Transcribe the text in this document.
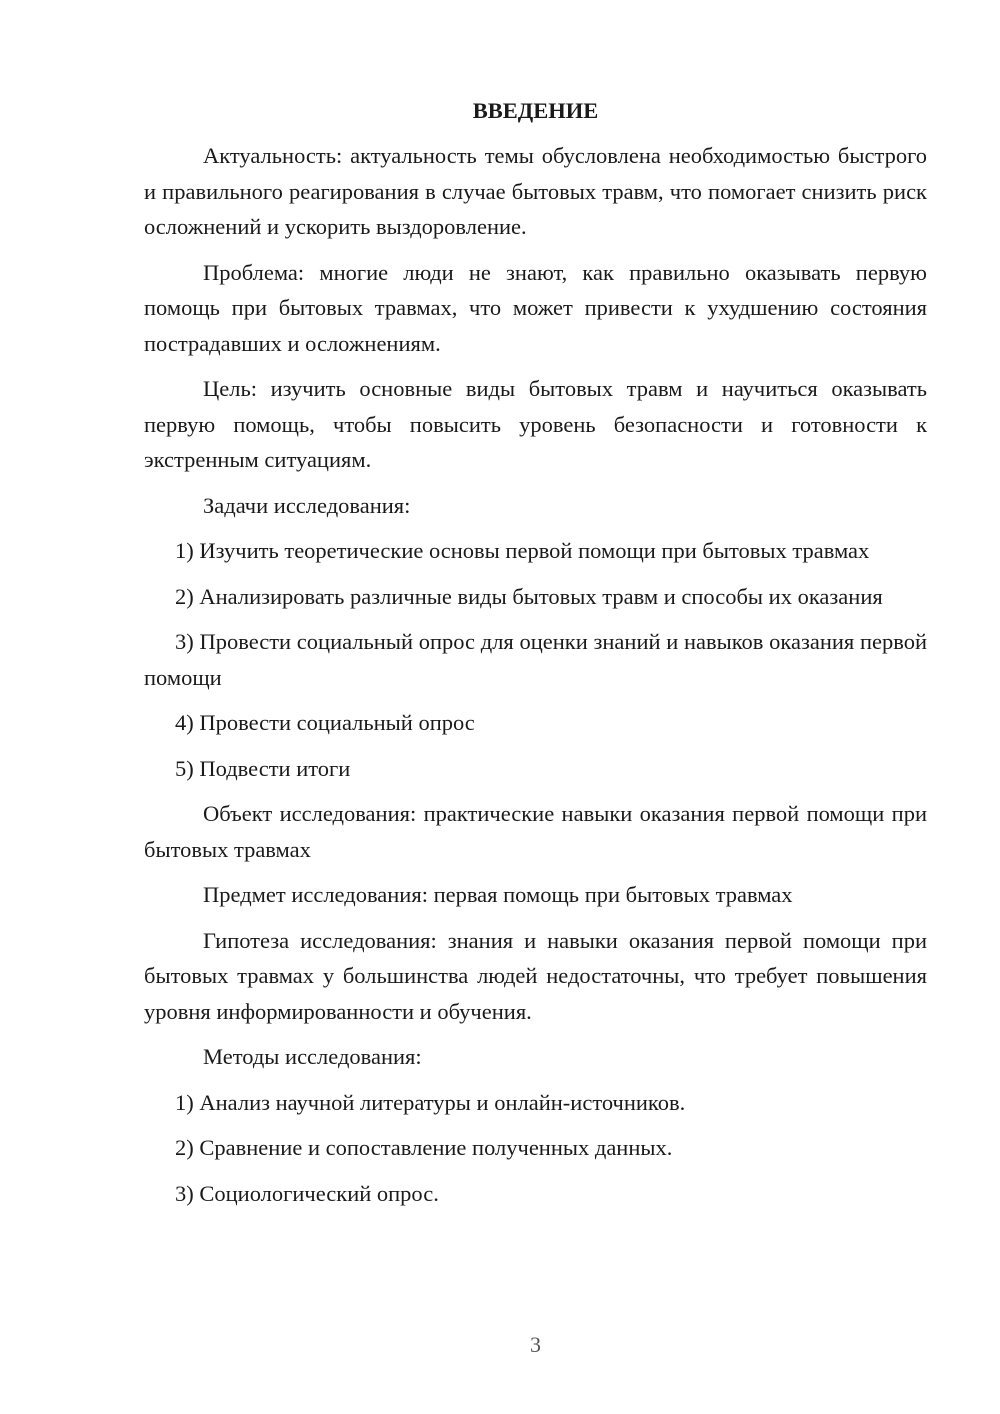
ВВЕДЕНИЕ

Актуальность: актуальность темы обусловлена необходимостью быстрого и правильного реагирования в случае бытовых травм, что помогает снизить риск осложнений и ускорить выздоровление.

Проблема: многие люди не знают, как правильно оказывать первую помощь при бытовых травмах, что может привести к ухудшению состояния пострадавших и осложнениям.

Цель: изучить основные виды бытовых травм и научиться оказывать первую помощь, чтобы повысить уровень безопасности и готовности к экстренным ситуациям.

Задачи исследования:

1) Изучить теоретические основы первой помощи при бытовых травмах

2) Анализировать различные виды бытовых травм и способы их оказания

3) Провести социальный опрос для оценки знаний и навыков оказания первой помощи

4) Провести социальный опрос

5) Подвести итоги

Объект исследования: практические навыки оказания первой помощи при бытовых травмах

Предмет исследования: первая помощь при бытовых травмах

Гипотеза исследования: знания и навыки оказания первой помощи при бытовых травмах у большинства людей недостаточны, что требует повышения уровня информированности и обучения.

Методы исследования:

1) Анализ научной литературы и онлайн-источников.

2) Сравнение и сопоставление полученных данных.

3) Социологический опрос.

3
